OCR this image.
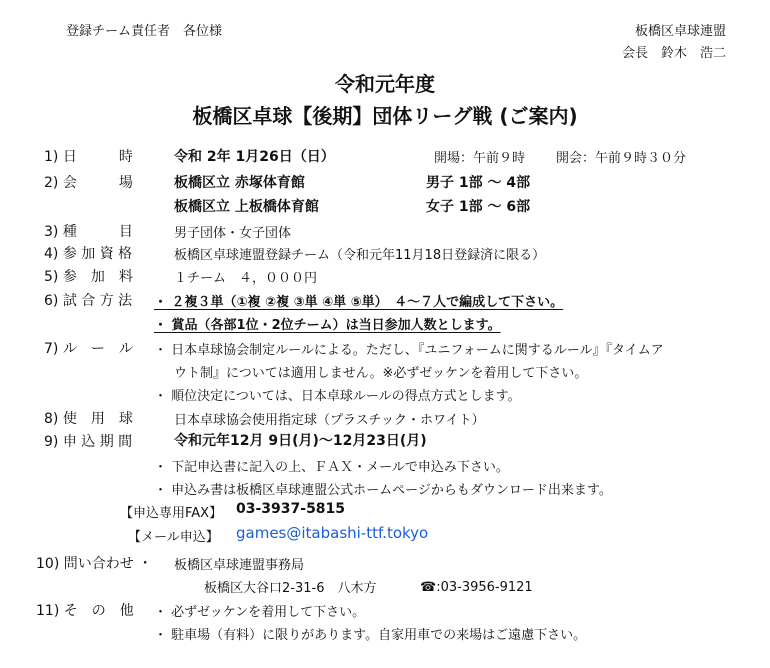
登録チーム責任者　各位様	板橋区卓球連盟
会長　鈴木　浩二
令和元年度
板橋区卓球【後期】団体リーグ戦 (ご案内)
1) 日　　　時	令和 2年 1月26日（日）	開場：午前９時 開会：午前９時３０分
2) 会　　　場	板橋区立 赤塚体育館	男子 1部 ～ 4部
板橋区立 上板橋体育館	女子 1部 ～ 6部
3) 種　　　目	男子団体・女子団体
4) 参 加 資 格	板橋区卓球連盟登録チーム（令和元年11月18日登録済に限る）
5) 参　加　料	１チーム　４，０００円
6) 試 合 方 法 ・ ２複３単（①複 ②複 ③単 ④単 ⑤単）　４～７人で編成して下さい。
・ 賞品（各部1位・2位チーム）は当日参加人数とします。
7) ル　ー　ル ・ 日本卓球協会制定ルールによる。ただし、『ユニフォームに関するルール』『タイムア
ウト制』については適用しません。※必ずゼッケンを着用して下さい。
・ 順位決定については、日本卓球ルールの得点方式とします。
8) 使　用　球	日本卓球協会使用指定球（プラスチック・ホワイト）
9) 申 込 期 間	令和元年12月 9日(月)～12月23日(月)
・ 下記申込書に記入の上、ＦＡＸ・メールで申込み下さい。
・ 申込み書は板橋区卓球連盟公式ホームページからもダウンロード出来ます。
【申込専用FAX】 03-3937-5815
【メール申込】 games@itabashi-ttf.tokyo
10) 問い合わせ ・ 板橋区卓球連盟事務局
板橋区大谷口2-31-6　八木方	☎:03-3956-9121
11) そ　の　他 ・ 必ずゼッケンを着用して下さい。
・ 駐車場（有料）に限りがあります。自家用車での来場はご遠慮下さい。
